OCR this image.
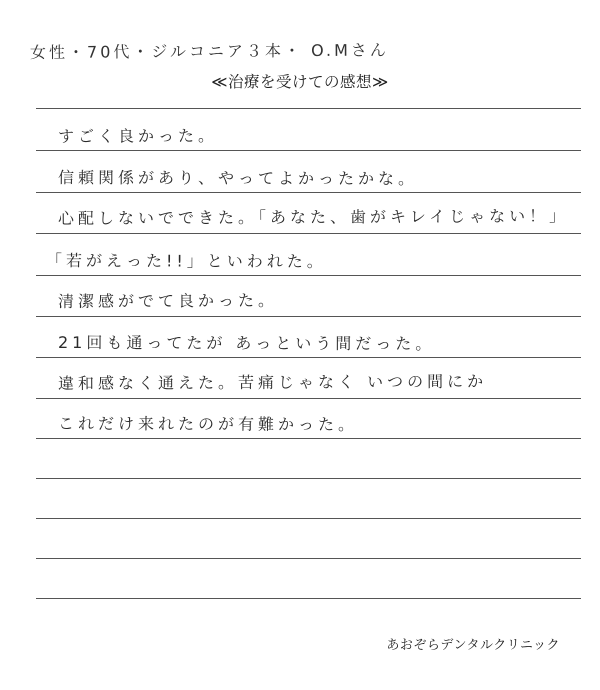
女性・70代・ジルコニア３本・ O.Mさん
≪治療を受けての感想≫
すごく良かった。
信頼関係があり、やってよかったかな。
心配しないでできた。「あなた、歯がキレイじゃない！」
「若がえった!!」といわれた。
清潔感がでて良かった。
21回も通ってたが あっという間だった。
違和感なく通えた。苦痛じゃなく いつの間にか
これだけ来れたのが有難かった。
あおぞらデンタルクリニック
